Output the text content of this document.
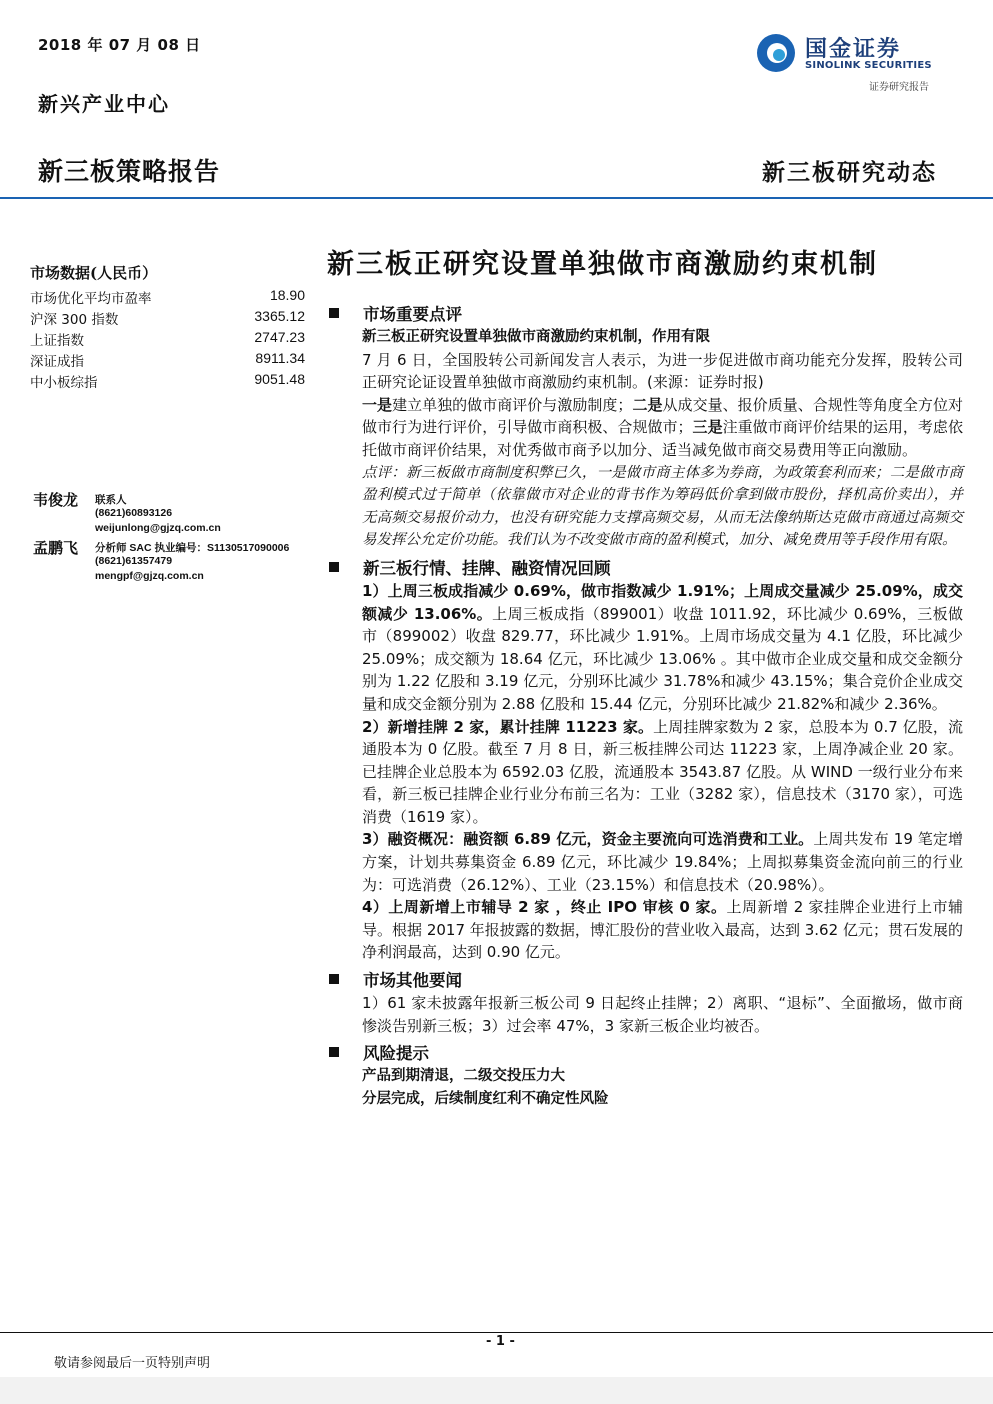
2018 年 07 月 08 日
新兴产业中心
国金证券
SINOLINK SECURITIES
证券研究报告
新三板策略报告	新三板研究动态
新三板正研究设置单独做市商激励约束机制
市场数据(人民币）
市场优化平均市盈率	18.90
沪深 300 指数	3365.12
上证指数	2747.23
深证成指	8911.34
中小板综指	9051.48
韦俊龙 联系人
(8621)60893126
weijunlong@gjzq.com.cn
孟鹏飞 分析师 SAC 执业编号：S1130517090006
(8621)61357479
mengpf@gjzq.com.cn
市场重要点评
新三板正研究设置单独做市商激励约束机制，作用有限
7 月 6 日，全国股转公司新闻发言人表示，为进一步促进做市商功能充分发挥，股转公司正研究论证设置单独做市商激励约束机制。(来源：证券时报)
一是建立单独的做市商评价与激励制度；二是从成交量、报价质量、合规性等角度全方位对做市行为进行评价，引导做市商积极、合规做市；三是注重做市商评价结果的运用，考虑依托做市商评价结果，对优秀做市商予以加分、适当减免做市商交易费用等正向激励。
点评：新三板做市商制度积弊已久，一是做市商主体多为券商，为政策套利而来；二是做市商盈利模式过于简单（依靠做市对企业的背书作为筹码低价拿到做市股份，择机高价卖出），并无高频交易报价动力，也没有研究能力支撑高频交易，从而无法像纳斯达克做市商通过高频交易发挥公允定价功能。我们认为不改变做市商的盈利模式，加分、减免费用等手段作用有限。
新三板行情、挂牌、融资情况回顾
1）上周三板成指减少 0.69%，做市指数减少 1.91%；上周成交量减少 25.09%，成交额减少 13.06%。上周三板成指（899001）收盘 1011.92，环比减少 0.69%，三板做市（899002）收盘 829.77，环比减少 1.91%。上周市场成交量为 4.1 亿股，环比减少 25.09%；成交额为 18.64 亿元，环比减少 13.06% 。其中做市企业成交量和成交金额分别为 1.22 亿股和 3.19 亿元，分别环比减少 31.78%和减少 43.15%；集合竞价企业成交量和成交金额分别为 2.88 亿股和 15.44 亿元，分别环比减少 21.82%和减少 2.36%。
2）新增挂牌 2 家，累计挂牌 11223 家。上周挂牌家数为 2 家，总股本为 0.7 亿股，流通股本为 0 亿股。截至 7 月 8 日，新三板挂牌公司达 11223 家，上周净减企业 20 家。已挂牌企业总股本为 6592.03 亿股，流通股本 3543.87 亿股。从 WIND 一级行业分布来看，新三板已挂牌企业行业分布前三名为：工业（3282 家），信息技术（3170 家），可选消费（1619 家）。
3）融资概况：融资额 6.89 亿元，资金主要流向可选消费和工业。上周共发布 19 笔定增方案，计划共募集资金 6.89 亿元，环比减少 19.84%；上周拟募集资金流向前三的行业为：可选消费（26.12%）、工业（23.15%）和信息技术（20.98%）。
4）上周新增上市辅导 2 家 ，终止 IPO 审核 0 家。上周新增 2 家挂牌企业进行上市辅导。根据 2017 年报披露的数据，博汇股份的营业收入最高，达到 3.62 亿元；贯石发展的净利润最高，达到 0.90 亿元。
市场其他要闻
1）61 家未披露年报新三板公司 9 日起终止挂牌；2）离职、“退标”、全面撤场，做市商惨淡告别新三板；3）过会率 47%，3 家新三板企业均被否。
风险提示
产品到期清退，二级交投压力大
分层完成，后续制度红利不确定性风险
- 1 -
敬请参阅最后一页特别声明
